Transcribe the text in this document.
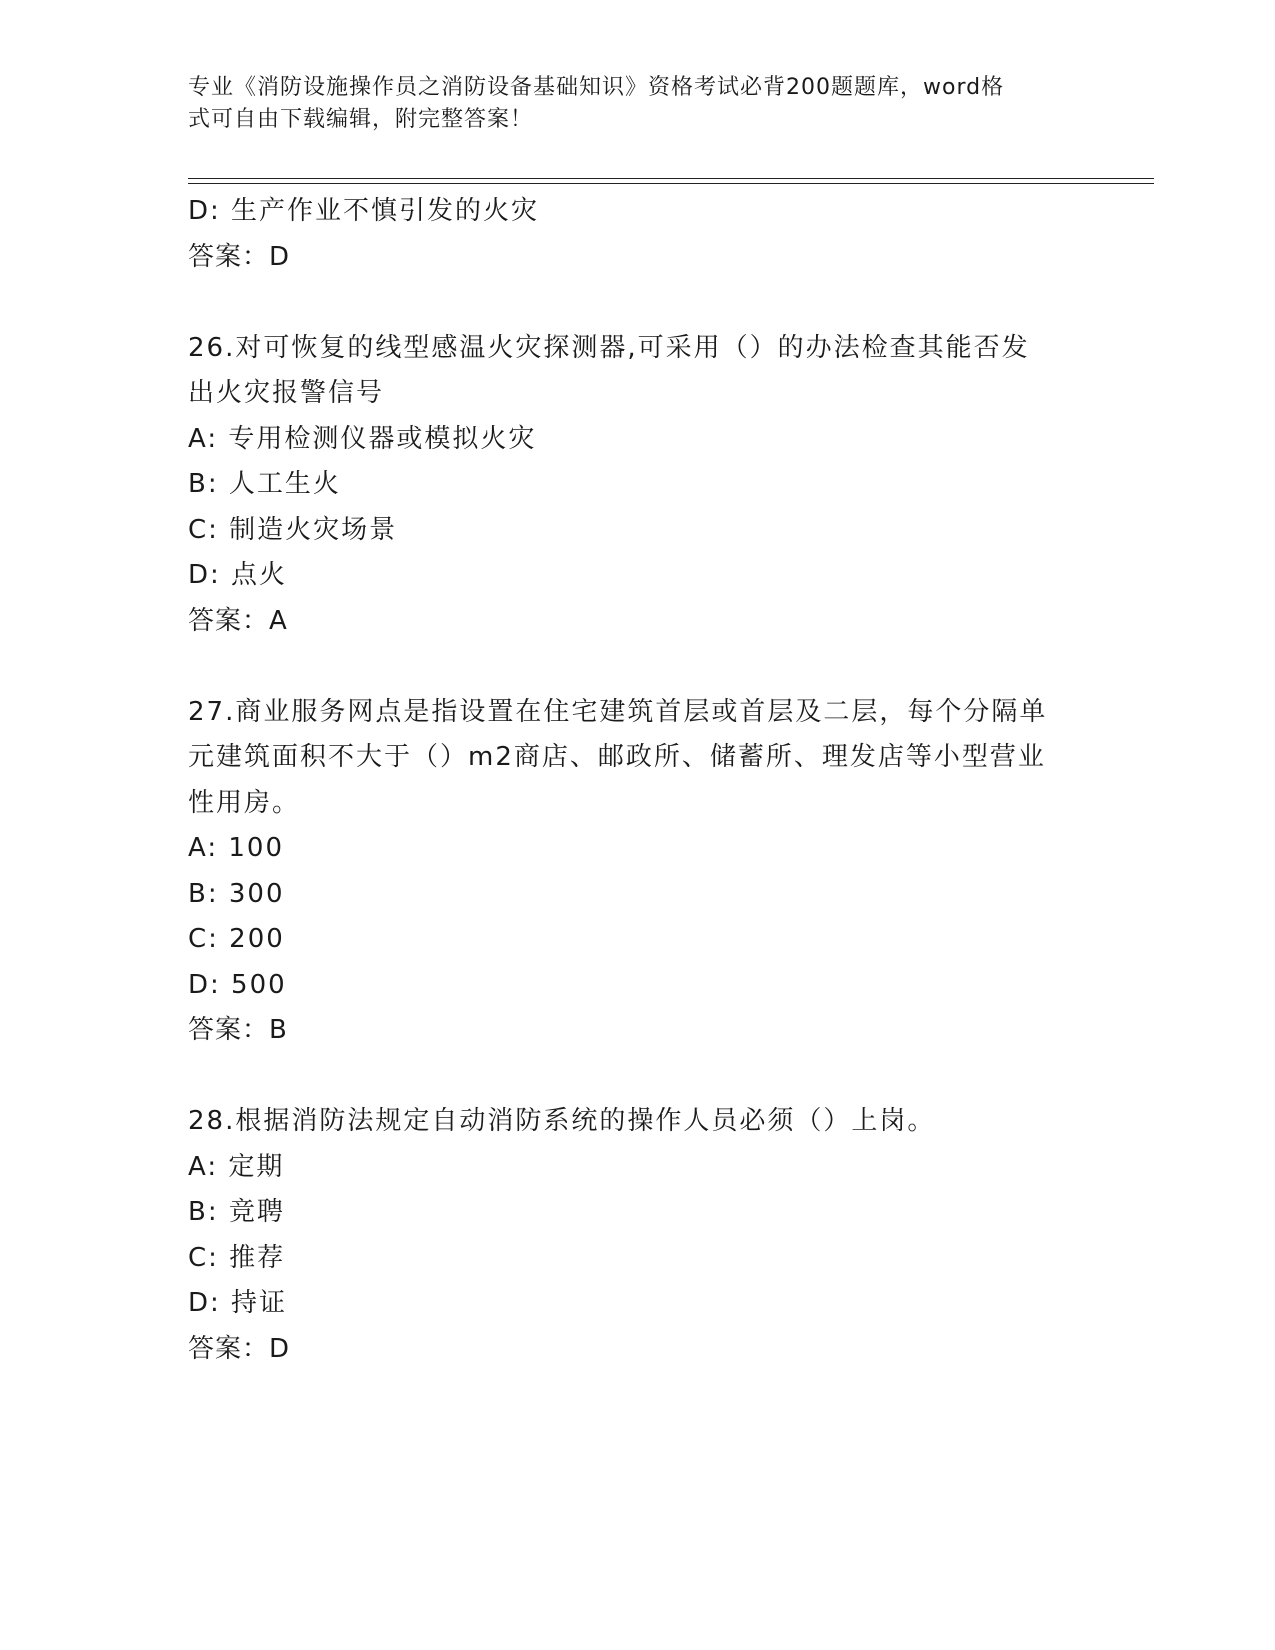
专业《消防设施操作员之消防设备基础知识》资格考试必背200题题库，word格
式可自由下载编辑，附完整答案！
D: 生产作业不慎引发的火灾
答案：D
26.对可恢复的线型感温火灾探测器,可采用（）的办法检查其能否发
出火灾报警信号
A: 专用检测仪器或模拟火灾
B: 人工生火
C: 制造火灾场景
D: 点火
答案：A
27.商业服务网点是指设置在住宅建筑首层或首层及二层，每个分隔单
元建筑面积不大于（）m2商店、邮政所、储蓄所、理发店等小型营业
性用房。
A: 100
B: 300
C: 200
D: 500
答案：B
28.根据消防法规定自动消防系统的操作人员必须（）上岗。
A: 定期
B: 竞聘
C: 推荐
D: 持证
答案：D
